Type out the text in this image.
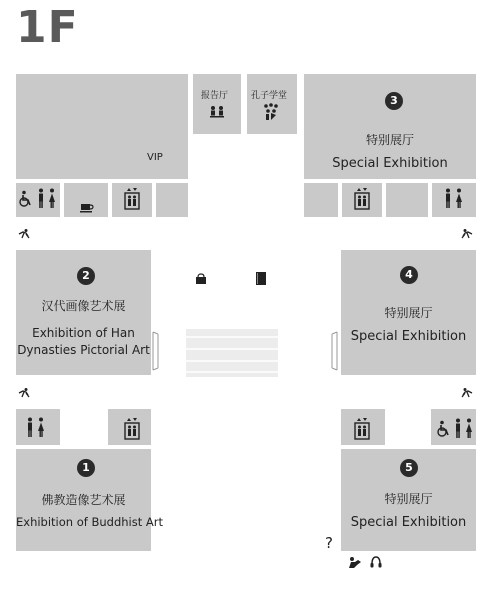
1F
VIP
报告厅	孔子学堂	3
特别展厅
Special Exhibition
2
汉代画像艺术展
Exhibition of Han
Dynasties Pictorial Art
4
特别展厅
Special Exhibition
1
佛教造像艺术展
Exhibition of Buddhist Art
5
特别展厅
Special Exhibition
?
